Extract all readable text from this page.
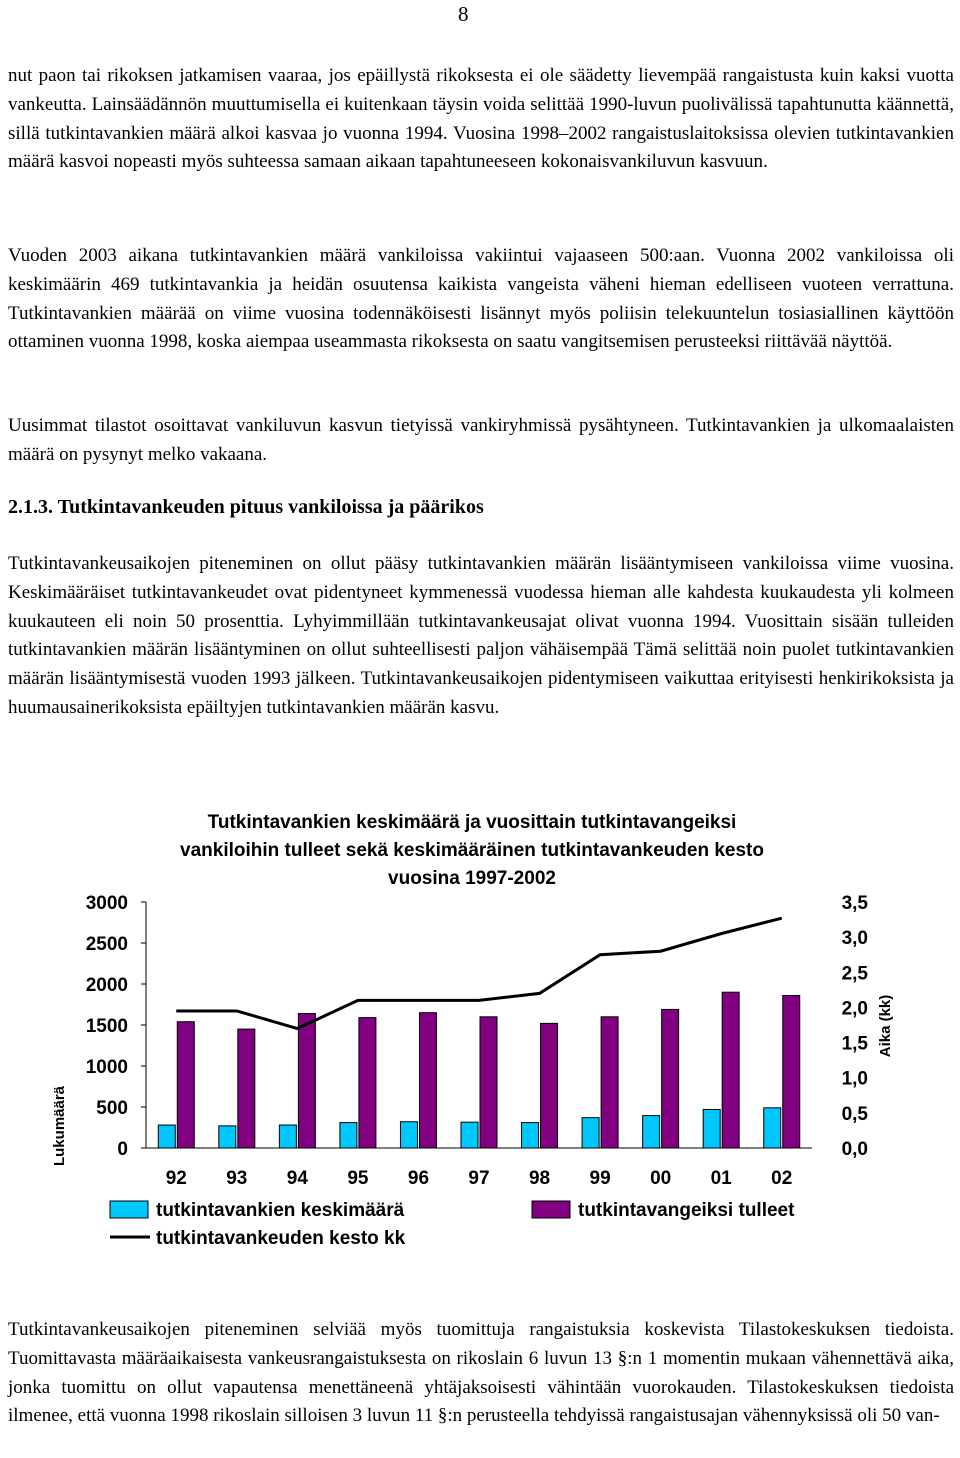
8
nut paon tai rikoksen jatkamisen vaaraa, jos epäillystä rikoksesta ei ole säädetty lievempää rangaistusta kuin kaksi vuotta vankeutta. Lainsäädännön muuttumisella ei kuitenkaan täysin voida selittää 1990-luvun puolivälissä tapahtunutta käännettä, sillä tutkintavankien määrä alkoi kasvaa jo vuonna 1994. Vuosina 1998–2002 rangaistuslaitoksissa olevien tutkintavankien määrä kasvoi nopeasti myös suhteessa samaan aikaan tapahtuneeseen kokonaisvankiluvun kasvuun.
Vuoden 2003 aikana tutkintavankien määrä vankiloissa vakiintui vajaaseen 500:aan. Vuonna 2002 vankiloissa oli keskimäärin 469 tutkintavankia ja heidän osuutensa kaikista vangeista väheni hieman edelliseen vuoteen verrattuna. Tutkintavankien määrää on viime vuosina todennäköisesti lisännyt myös poliisin telekuuntelun tosiasiallinen käyttöön ottaminen vuonna 1998, koska aiempaa useammasta rikoksesta on saatu vangitsemisen perusteeksi riittävää näyttöä.
Uusimmat tilastot osoittavat vankiluvun kasvun tietyissä vankiryhmissä pysähtyneen. Tutkintavankien ja ulkomaalaisten määrä on pysynyt melko vakaana.
2.1.3. Tutkintavankeuden pituus vankiloissa ja päärikos
Tutkintavankeusaikojen piteneminen on ollut pääsy tutkintavankien määrän lisääntymiseen vankiloissa viime vuosina. Keskimääräiset tutkintavankeudet ovat pidentyneet kymmenessä vuodessa hieman alle kahdesta kuukaudesta yli kolmeen kuukauteen eli noin 50 prosenttia. Lyhyimmillään tutkintavankeusajat olivat vuonna 1994. Vuosittain sisään tulleiden tutkintavankien määrän lisääntyminen on ollut suhteellisesti paljon vähäisempää Tämä selittää noin puolet tutkintavankien määrän lisääntymisestä vuoden 1993 jälkeen. Tutkintavankeusaikojen pidentymiseen vaikuttaa erityisesti henkirikoksista ja huumausainerikoksista epäiltyjen tutkintavankien määrän kasvu.
Tutkintavankien keskimäärä ja vuosittain tutkintavangeiksi
vankiloihin tulleet sekä keskimääräinen tutkintavankeuden kesto
vuosina 1997-2002
Lukumäärä
Aika (kk)
3000
2500
2000
1500
1000
500
0
3,5
3,0
2,5
2,0
1,5
1,0
0,5
0,0
92 93 94 95 96 97 98 99 00 01 02
tutkintavankien keskimäärä	tutkintavangeiksi tulleet
tutkintavankeuden kesto kk
Tutkintavankeusaikojen piteneminen selviää myös tuomittuja rangaistuksia koskevista Tilastokeskuksen tiedoista. Tuomittavasta määräaikaisesta vankeusrangaistuksesta on rikoslain 6 luvun 13 §:n 1 momentin mukaan vähennettävä aika, jonka tuomittu on ollut vapautensa menettäneenä yhtäjaksoisesti vähintään vuorokauden. Tilastokeskuksen tiedoista ilmenee, että vuonna 1998 rikoslain silloisen 3 luvun 11 §:n perusteella tehdyissä rangaistusajan vähennyksissä oli 50 van-
